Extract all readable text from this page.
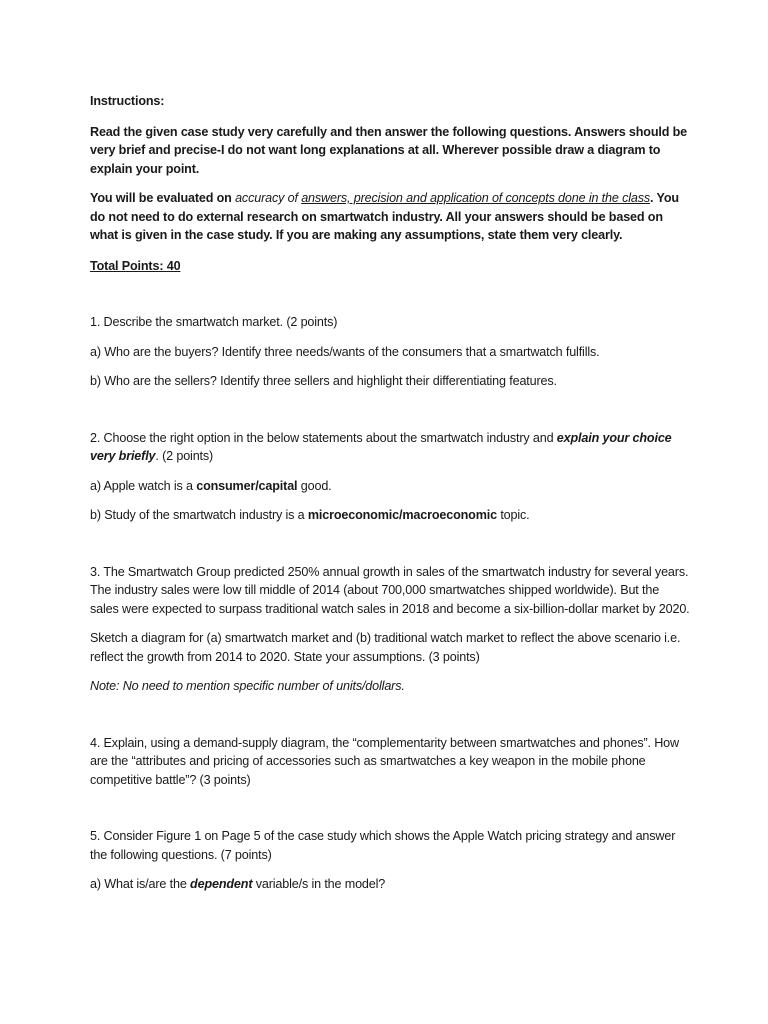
Instructions:

Read the given case study very carefully and then answer the following questions. Answers should be very brief and precise-I do not want long explanations at all. Wherever possible draw a diagram to explain your point.

You will be evaluated on accuracy of answers, precision and application of concepts done in the class. You do not need to do external research on smartwatch industry. All your answers should be based on what is given in the case study. If you are making any assumptions, state them very clearly.

Total Points: 40

1. Describe the smartwatch market. (2 points)

a) Who are the buyers? Identify three needs/wants of the consumers that a smartwatch fulfills.

b) Who are the sellers? Identify three sellers and highlight their differentiating features.

2. Choose the right option in the below statements about the smartwatch industry and explain your choice very briefly. (2 points)

a) Apple watch is a consumer/capital good.

b) Study of the smartwatch industry is a microeconomic/macroeconomic topic.

3. The Smartwatch Group predicted 250% annual growth in sales of the smartwatch industry for several years. The industry sales were low till middle of 2014 (about 700,000 smartwatches shipped worldwide). But the sales were expected to surpass traditional watch sales in 2018 and become a six-billion-dollar market by 2020.

Sketch a diagram for (a) smartwatch market and (b) traditional watch market to reflect the above scenario i.e. reflect the growth from 2014 to 2020. State your assumptions. (3 points)

Note: No need to mention specific number of units/dollars.

4. Explain, using a demand-supply diagram, the “complementarity between smartwatches and phones”. How are the “attributes and pricing of accessories such as smartwatches a key weapon in the mobile phone competitive battle”? (3 points)

5. Consider Figure 1 on Page 5 of the case study which shows the Apple Watch pricing strategy and answer the following questions. (7 points)

a) What is/are the dependent variable/s in the model?
